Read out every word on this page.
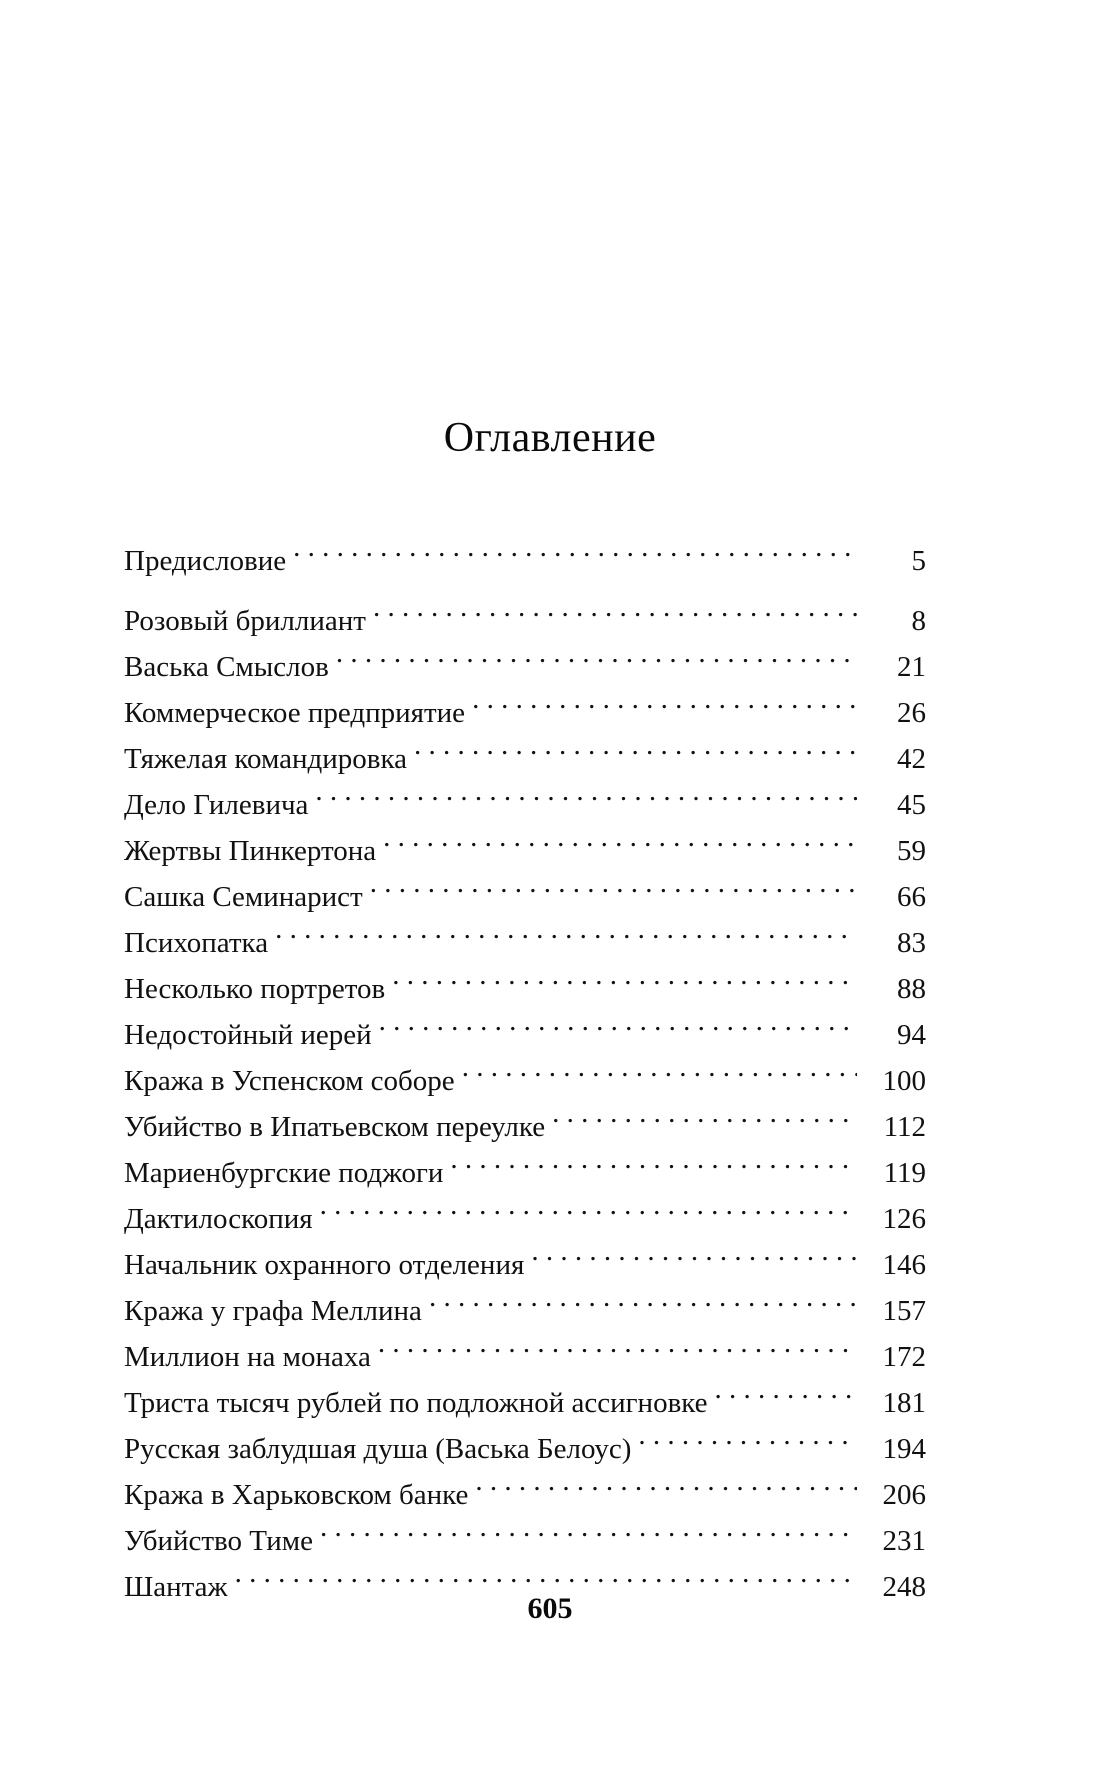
Оглавление
Предисловие . . .	5
Розовый бриллиант . . .	8
Васька Смыслов . . .	21
Коммерческое предприятие . . .	26
Тяжелая командировка . . .	42
Дело Гилевича . . .	45
Жертвы Пинкертона . . .	59
Сашка Семинарист . . .	66
Психопатка . . .	83
Несколько портретов . . .	88
Недостойный иерей . . .	94
Кража в Успенском соборе . . .	100
Убийство в Ипатьевском переулке . . .	112
Мариенбургские поджоги . . .	119
Дактилоскопия . . .	126
Начальник охранного отделения . . .	146
Кража у графа Меллина . . .	157
Миллион на монаха . . .	172
Триста тысяч рублей по подложной ассигновке . . .	181
Русская заблудшая душа (Васька Белоус) . . .	194
Кража в Харьковском банке . . .	206
Убийство Тиме . . .	231
Шантаж . . .	248
605
